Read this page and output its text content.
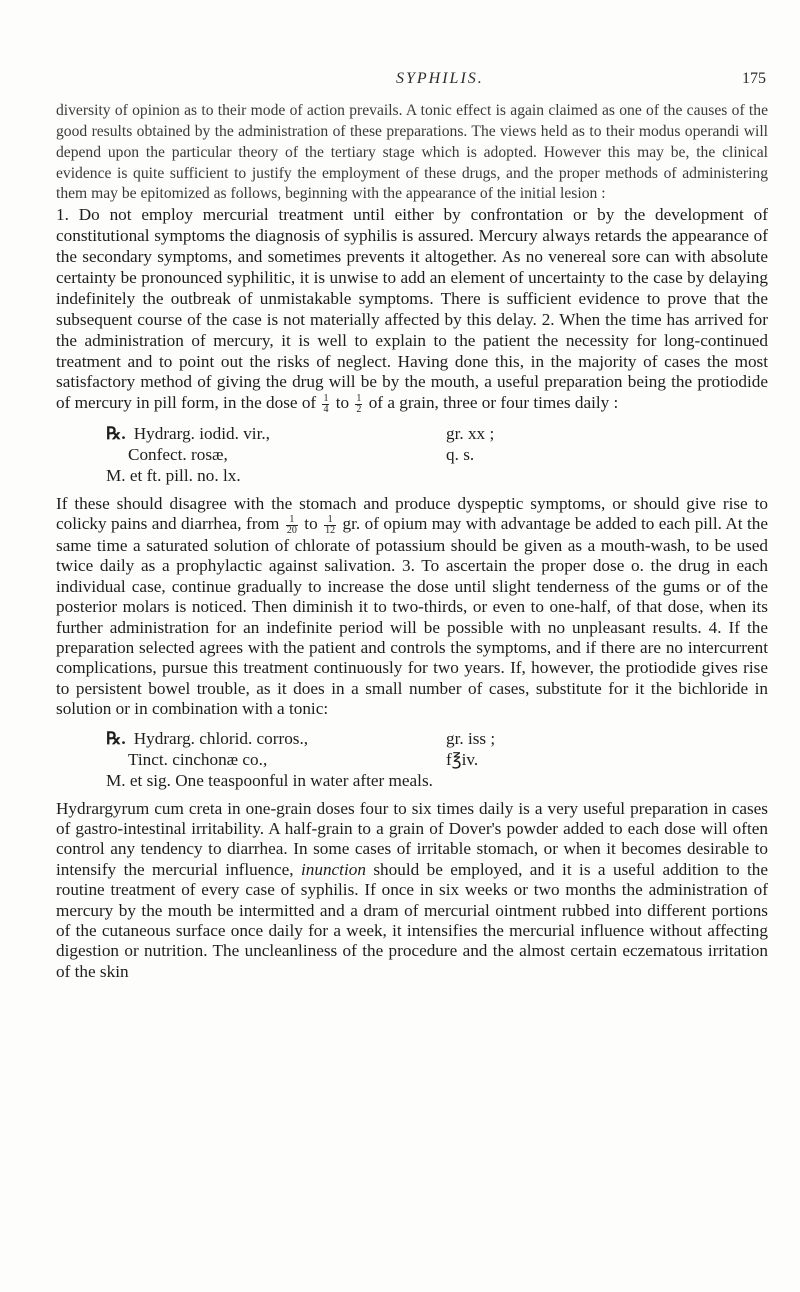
SYPHILIS.	175

diversity of opinion as to their mode of action prevails. A tonic effect is again claimed as one of the causes of the good results obtained by the administration of these preparations. The views held as to their modus operandi will depend upon the particular theory of the tertiary stage which is adopted. However this may be, the clinical evidence is quite sufficient to justify the employment of these drugs, and the proper methods of administering them may be epitomized as follows, beginning with the appearance of the initial lesion :

1. Do not employ mercurial treatment until either by confrontation or by the development of constitutional symptoms the diagnosis of syphilis is assured. Mercury always retards the appearance of the secondary symptoms, and sometimes prevents it altogether. As no venereal sore can with absolute certainty be pronounced syphilitic, it is unwise to add an element of uncertainty to the case by delaying indefinitely the outbreak of unmistakable symptoms. There is sufficient evidence to prove that the subsequent course of the case is not materially affected by this delay. 2. When the time has arrived for the administration of mercury, it is well to explain to the patient the necessity for long-continued treatment and to point out the risks of neglect. Having done this, in the majority of cases the most satisfactory method of giving the drug will be by the mouth, a useful preparation being the protiodide of mercury in pill form, in the dose of $\frac{1}{4}$ to $\frac{1}{2}$ of a grain, three or four times daily :

℞. Hydrarg. iodid. vir.,	gr. xx ;
Confect. rosæ,	q. s.
M. et ft. pill. no. lx.

If these should disagree with the stomach and produce dyspeptic symptoms, or should give rise to colicky pains and diarrhea, from $\frac{1}{20}$ to $\frac{1}{12}$ gr. of opium may with advantage be added to each pill. At the same time a saturated solution of chlorate of potassium should be given as a mouth-wash, to be used twice daily as a prophylactic against salivation. 3. To ascertain the proper dose o. the drug in each individual case, continue gradually to increase the dose until slight tenderness of the gums or of the posterior molars is noticed. Then diminish it to two-thirds, or even to one-half, of that dose, when its further administration for an indefinite period will be possible with no unpleasant results. 4. If the preparation selected agrees with the patient and controls the symptoms, and if there are no intercurrent complications, pursue this treatment continuously for two years. If, however, the protiodide gives rise to persistent bowel trouble, as it does in a small number of cases, substitute for it the bichloride in solution or in combination with a tonic:

℞. Hydrarg. chlorid. corros.,	gr. iss ;
Tinct. cinchonæ co.,	f℥iv.
M. et sig. One teaspoonful in water after meals.

Hydrargyrum cum creta in one-grain doses four to six times daily is a very useful preparation in cases of gastro-intestinal irritability. A half-grain to a grain of Dover's powder added to each dose will often control any tendency to diarrhea. In some cases of irritable stomach, or when it becomes desirable to intensify the mercurial influence, inunction should be employed, and it is a useful addition to the routine treatment of every case of syphilis. If once in six weeks or two months the administration of mercury by the mouth be intermitted and a dram of mercurial ointment rubbed into different portions of the cutaneous surface once daily for a week, it intensifies the mercurial influence without affecting digestion or nutrition. The uncleanliness of the procedure and the almost certain eczematous irritation of the skin
